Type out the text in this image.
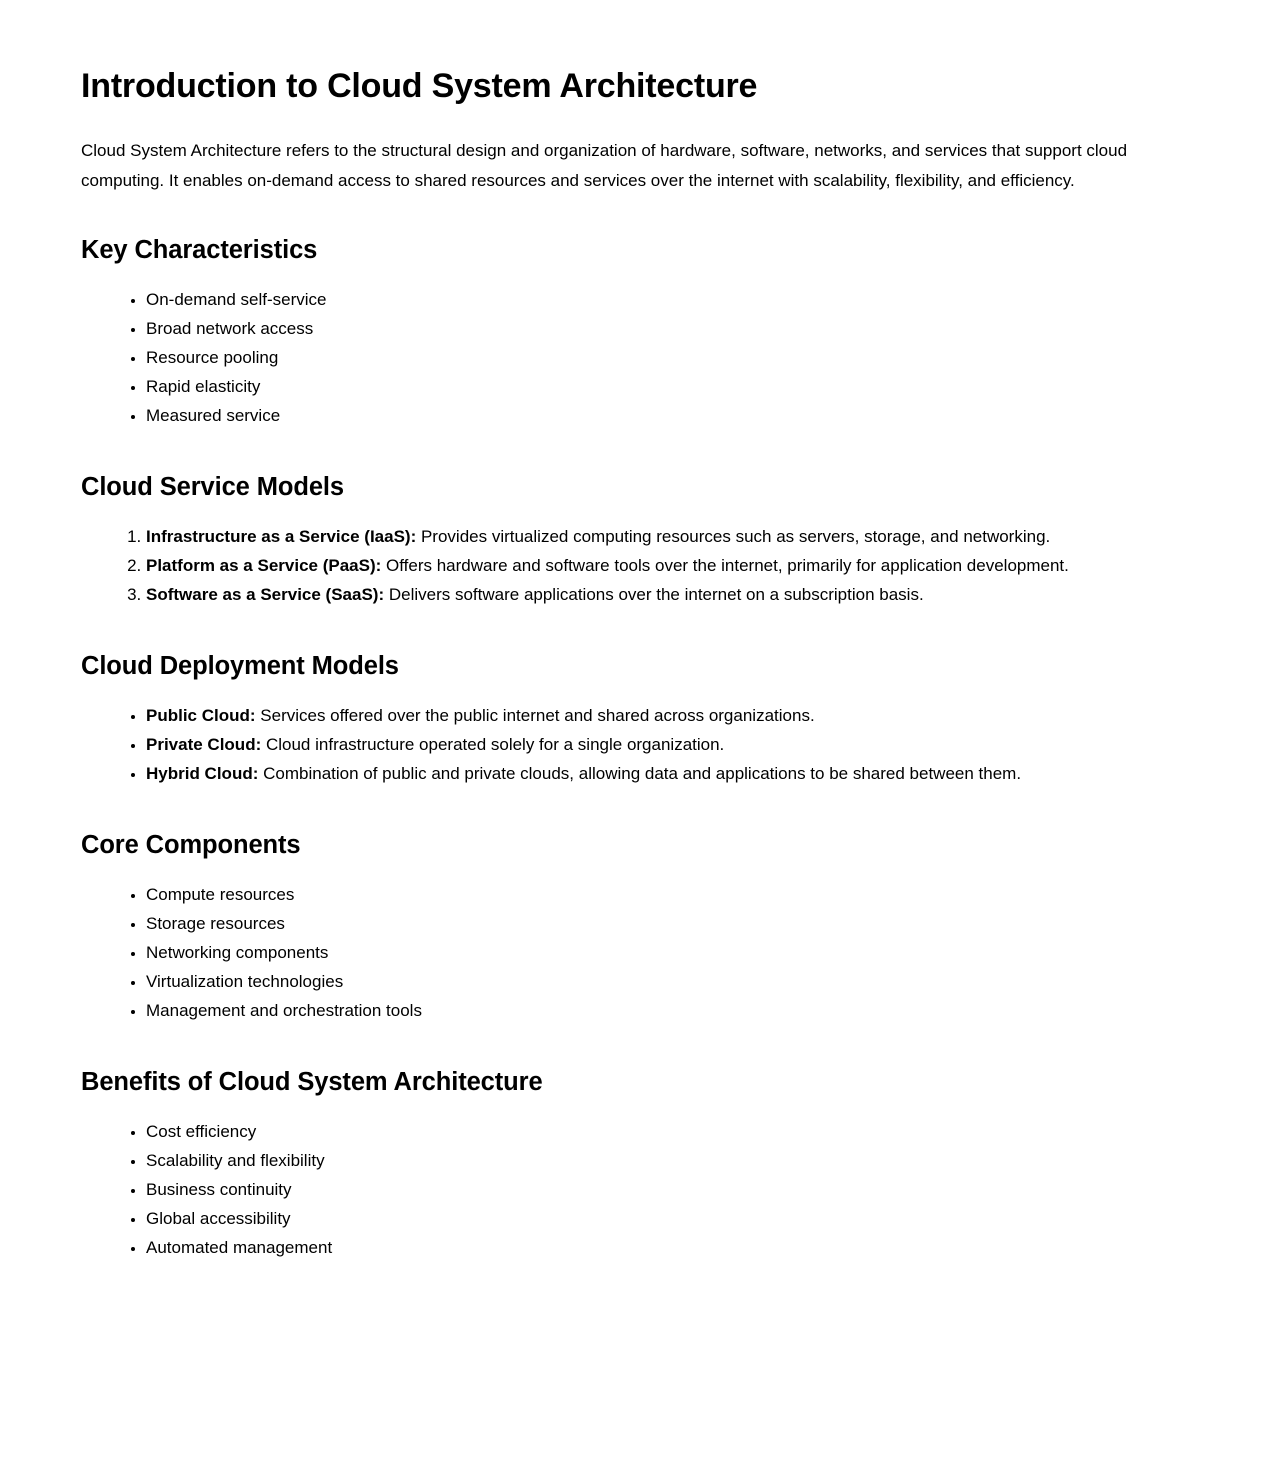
Introduction to Cloud System Architecture

Cloud System Architecture refers to the structural design and organization of hardware, software, networks, and services that support cloud computing. It enables on-demand access to shared resources and services over the internet with scalability, flexibility, and efficiency.

Key Characteristics
• On-demand self-service
• Broad network access
• Resource pooling
• Rapid elasticity
• Measured service
Cloud Service Models
1. Infrastructure as a Service (IaaS): Provides virtualized computing resources such as servers, storage, and networking.
2. Platform as a Service (PaaS): Offers hardware and software tools over the internet, primarily for application development.
3. Software as a Service (SaaS): Delivers software applications over the internet on a subscription basis.
Cloud Deployment Models
• Public Cloud: Services offered over the public internet and shared across organizations.
• Private Cloud: Cloud infrastructure operated solely for a single organization.
• Hybrid Cloud: Combination of public and private clouds, allowing data and applications to be shared between them.
Core Components
• Compute resources
• Storage resources
• Networking components
• Virtualization technologies
• Management and orchestration tools
Benefits of Cloud System Architecture
• Cost efficiency
• Scalability and flexibility
• Business continuity
• Global accessibility
• Automated management
